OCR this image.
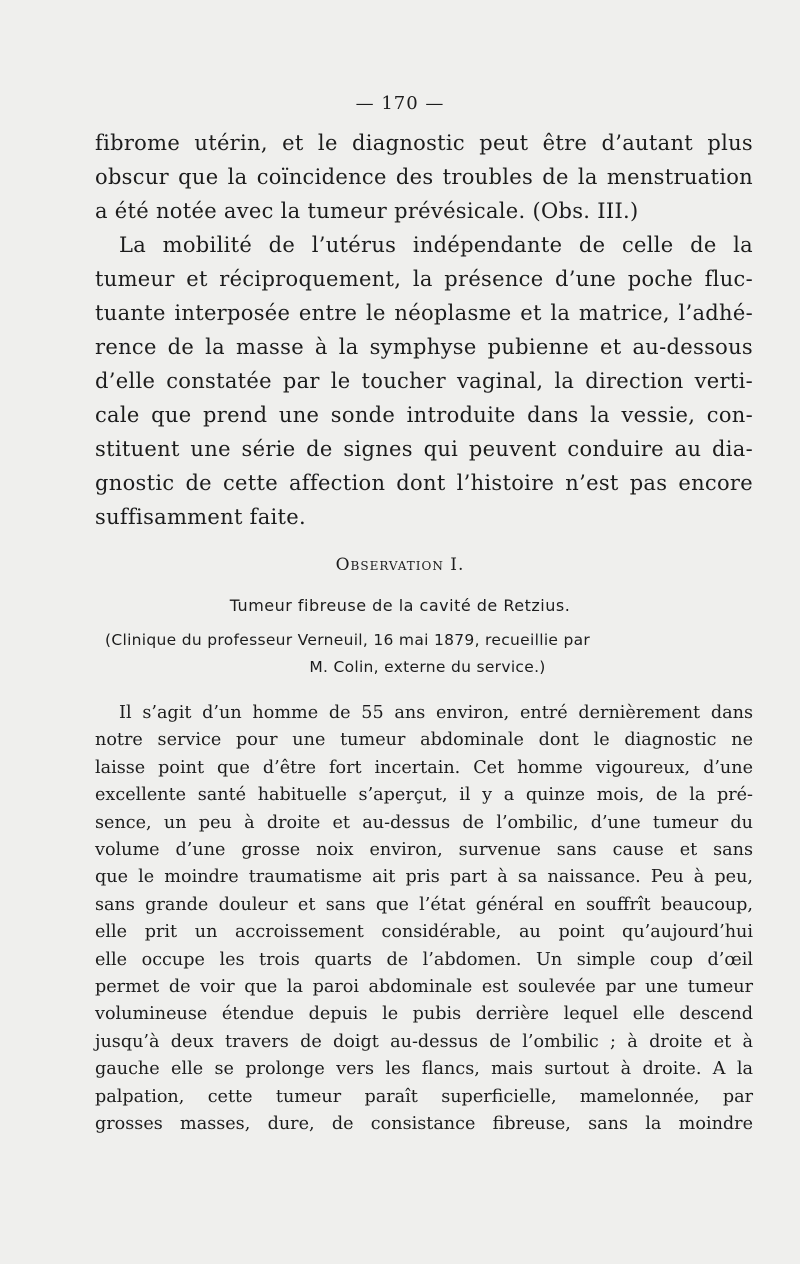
— 170 —
fibrome utérin, et le diagnostic peut être d’autant plus
obscur que la coïncidence des troubles de la menstruation
a été notée avec la tumeur prévésicale. (Obs. III.)
La mobilité de l’utérus indépendante de celle de la
tumeur et réciproquement, la présence d’une poche fluc-
tuante interposée entre le néoplasme et la matrice, l’adhé-
rence de la masse à la symphyse pubienne et au-dessous
d’elle constatée par le toucher vaginal, la direction verti-
cale que prend une sonde introduite dans la vessie, con-
stituent une série de signes qui peuvent conduire au dia-
gnostic de cette affection dont l’histoire n’est pas encore
suffisamment faite.
Observation I.
Tumeur fibreuse de la cavité de Retzius.
(Clinique du professeur Verneuil, 16 mai 1879, recueillie par
M. Colin, externe du service.)
Il s’agit d’un homme de 55 ans environ, entré dernièrement dans
notre service pour une tumeur abdominale dont le diagnostic ne
laisse point que d’être fort incertain. Cet homme vigoureux, d’une
excellente santé habituelle s’aperçut, il y a quinze mois, de la pré-
sence, un peu à droite et au-dessus de l’ombilic, d’une tumeur du
volume d’une grosse noix environ, survenue sans cause et sans
que le moindre traumatisme ait pris part à sa naissance. Peu à peu,
sans grande douleur et sans que l’état général en souffrît beaucoup,
elle prit un accroissement considérable, au point qu’aujourd’hui
elle occupe les trois quarts de l’abdomen. Un simple coup d’œil
permet de voir que la paroi abdominale est soulevée par une tumeur
volumineuse étendue depuis le pubis derrière lequel elle descend
jusqu’à deux travers de doigt au-dessus de l’ombilic ; à droite et à
gauche elle se prolonge vers les flancs, mais surtout à droite. A la
palpation, cette tumeur paraît superficielle, mamelonnée, par
grosses masses, dure, de consistance fibreuse, sans la moindre
